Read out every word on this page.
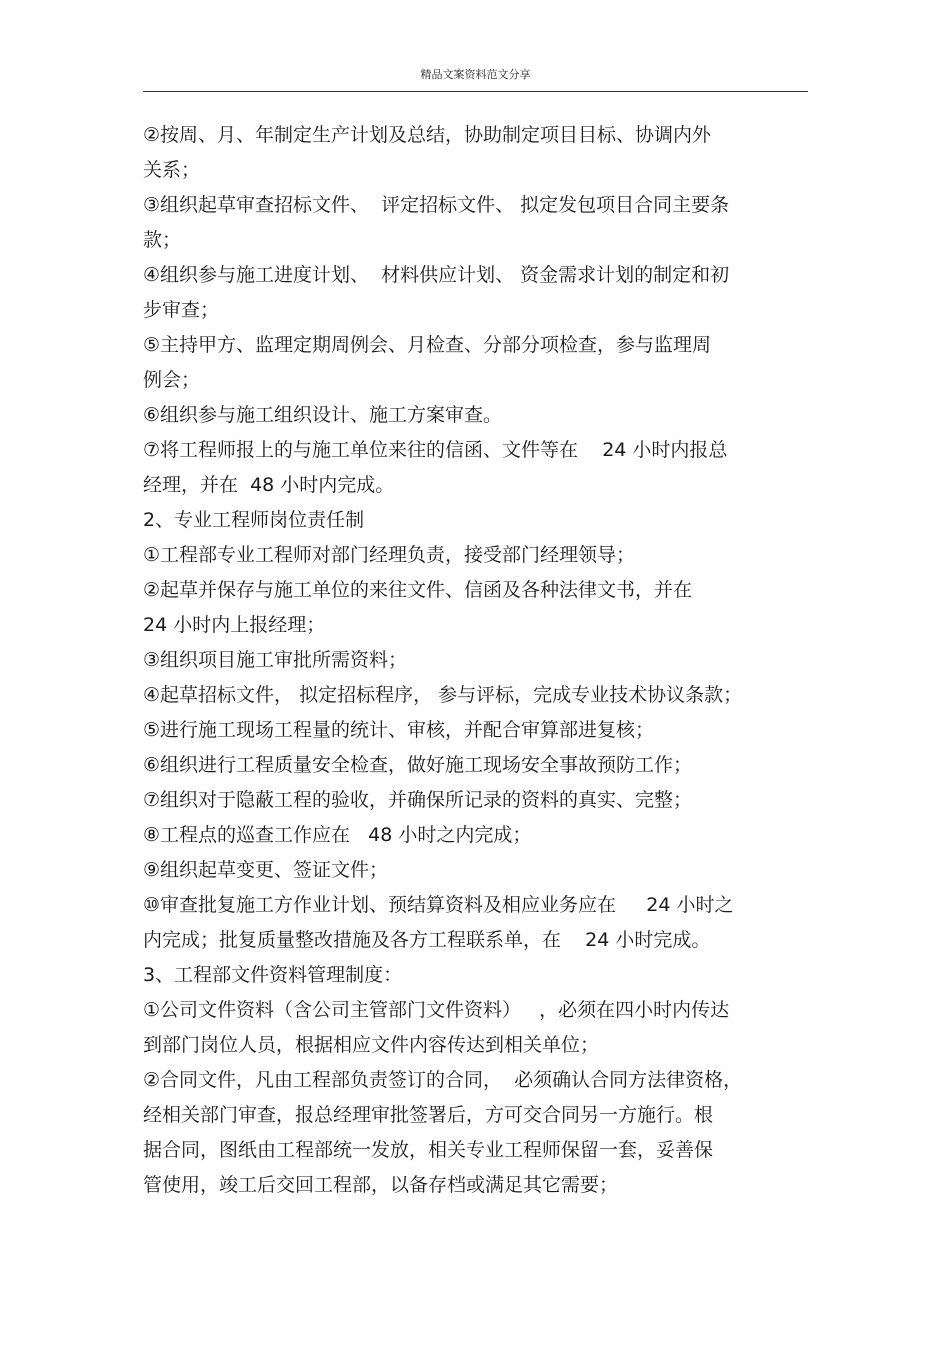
精品文案资料范文分享
②按周、月、年制定生产计划及总结，协助制定项目目标、协调内外
关系；
③组织起草审查招标文件、  评定招标文件、 拟定发包项目合同主要条
款；
④组织参与施工进度计划、  材料供应计划、 资金需求计划的制定和初
步审查；
⑤主持甲方、监理定期周例会、月检查、分部分项检查，参与监理周
例会；
⑥组织参与施工组织设计、施工方案审查。
⑦将工程师报上的与施工单位来往的信函、文件等在    24 小时内报总
经理，并在  48 小时内完成。
2、专业工程师岗位责任制
①工程部专业工程师对部门经理负责，接受部门经理领导；
②起草并保存与施工单位的来往文件、信函及各种法律文书，并在
24 小时内上报经理；
③组织项目施工审批所需资料；
④起草招标文件， 拟定招标程序， 参与评标，完成专业技术协议条款；
⑤进行施工现场工程量的统计、审核，并配合审算部进复核；
⑥组织进行工程质量安全检查，做好施工现场安全事故预防工作；
⑦组织对于隐蔽工程的验收，并确保所记录的资料的真实、完整；
⑧工程点的巡查工作应在   48 小时之内完成；
⑨组织起草变更、签证文件；
⑩审查批复施工方作业计划、预结算资料及相应业务应在     24 小时之
内完成；批复质量整改措施及各方工程联系单，在    24 小时完成。
3、工程部文件资料管理制度：
①公司文件资料（含公司主管部门文件资料）   ，必须在四小时内传达
到部门岗位人员，根据相应文件内容传达到相关单位；
②合同文件，凡由工程部负责签订的合同，  必须确认合同方法律资格，
经相关部门审查，报总经理审批签署后，方可交合同另一方施行。根
据合同，图纸由工程部统一发放，相关专业工程师保留一套，妥善保
管使用，竣工后交回工程部，以备存档或满足其它需要；
